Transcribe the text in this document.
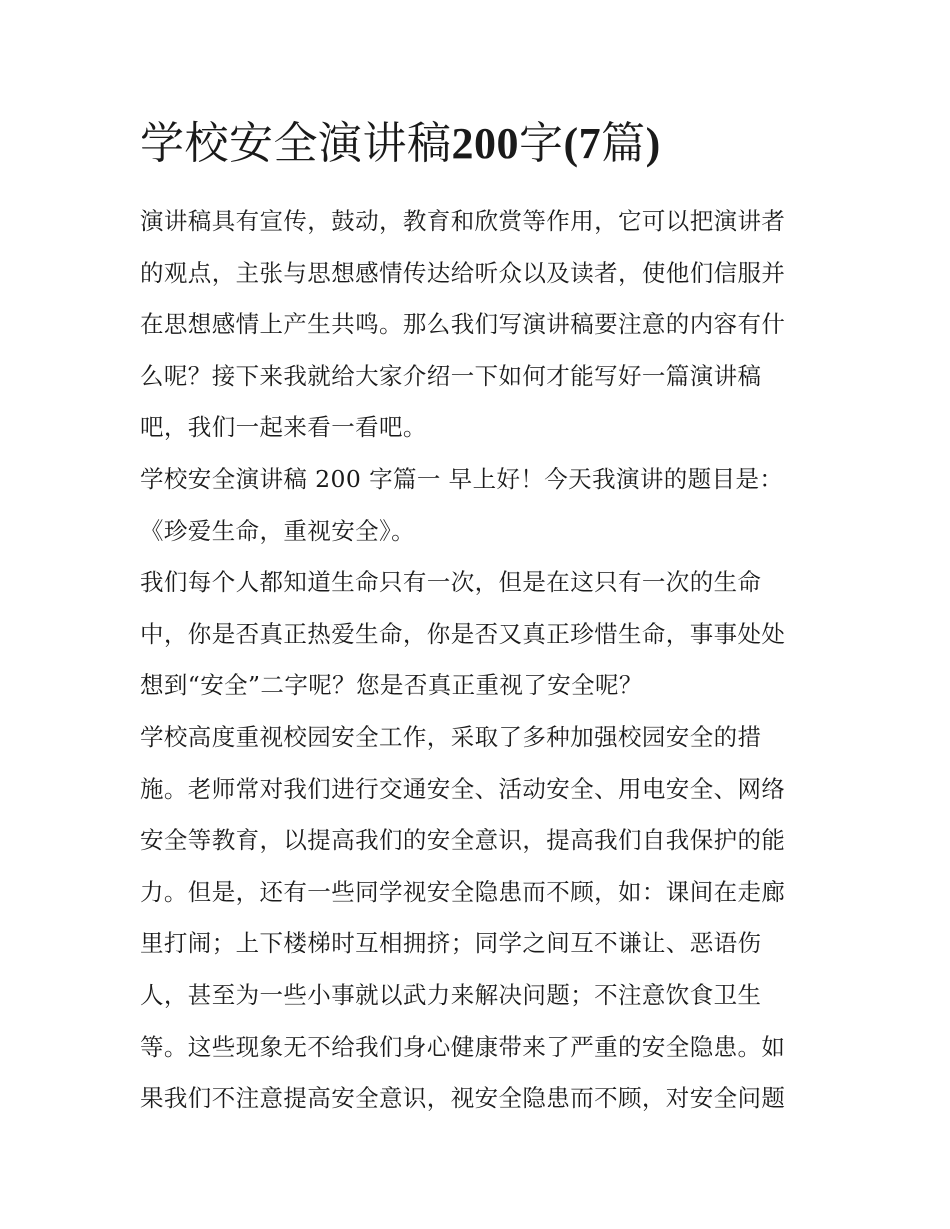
学校安全演讲稿200字(7篇)
演讲稿具有宣传，鼓动，教育和欣赏等作用，它可以把演讲者
的观点，主张与思想感情传达给听众以及读者，使他们信服并
在思想感情上产生共鸣。那么我们写演讲稿要注意的内容有什
么呢？接下来我就给大家介绍一下如何才能写好一篇演讲稿
吧，我们一起来看一看吧。
学校安全演讲稿 200 字篇一 早上好！今天我演讲的题目是：
《珍爱生命，重视安全》。
我们每个人都知道生命只有一次，但是在这只有一次的生命
中，你是否真正热爱生命，你是否又真正珍惜生命，事事处处
想到“安全”二字呢？您是否真正重视了安全呢？
学校高度重视校园安全工作，采取了多种加强校园安全的措
施。老师常对我们进行交通安全、活动安全、用电安全、网络
安全等教育，以提高我们的安全意识，提高我们自我保护的能
力。但是，还有一些同学视安全隐患而不顾，如：课间在走廊
里打闹；上下楼梯时互相拥挤；同学之间互不谦让、恶语伤
人，甚至为一些小事就以武力来解决问题；不注意饮食卫生
等。这些现象无不给我们身心健康带来了严重的安全隐患。如
果我们不注意提高安全意识，视安全隐患而不顾，对安全问题
